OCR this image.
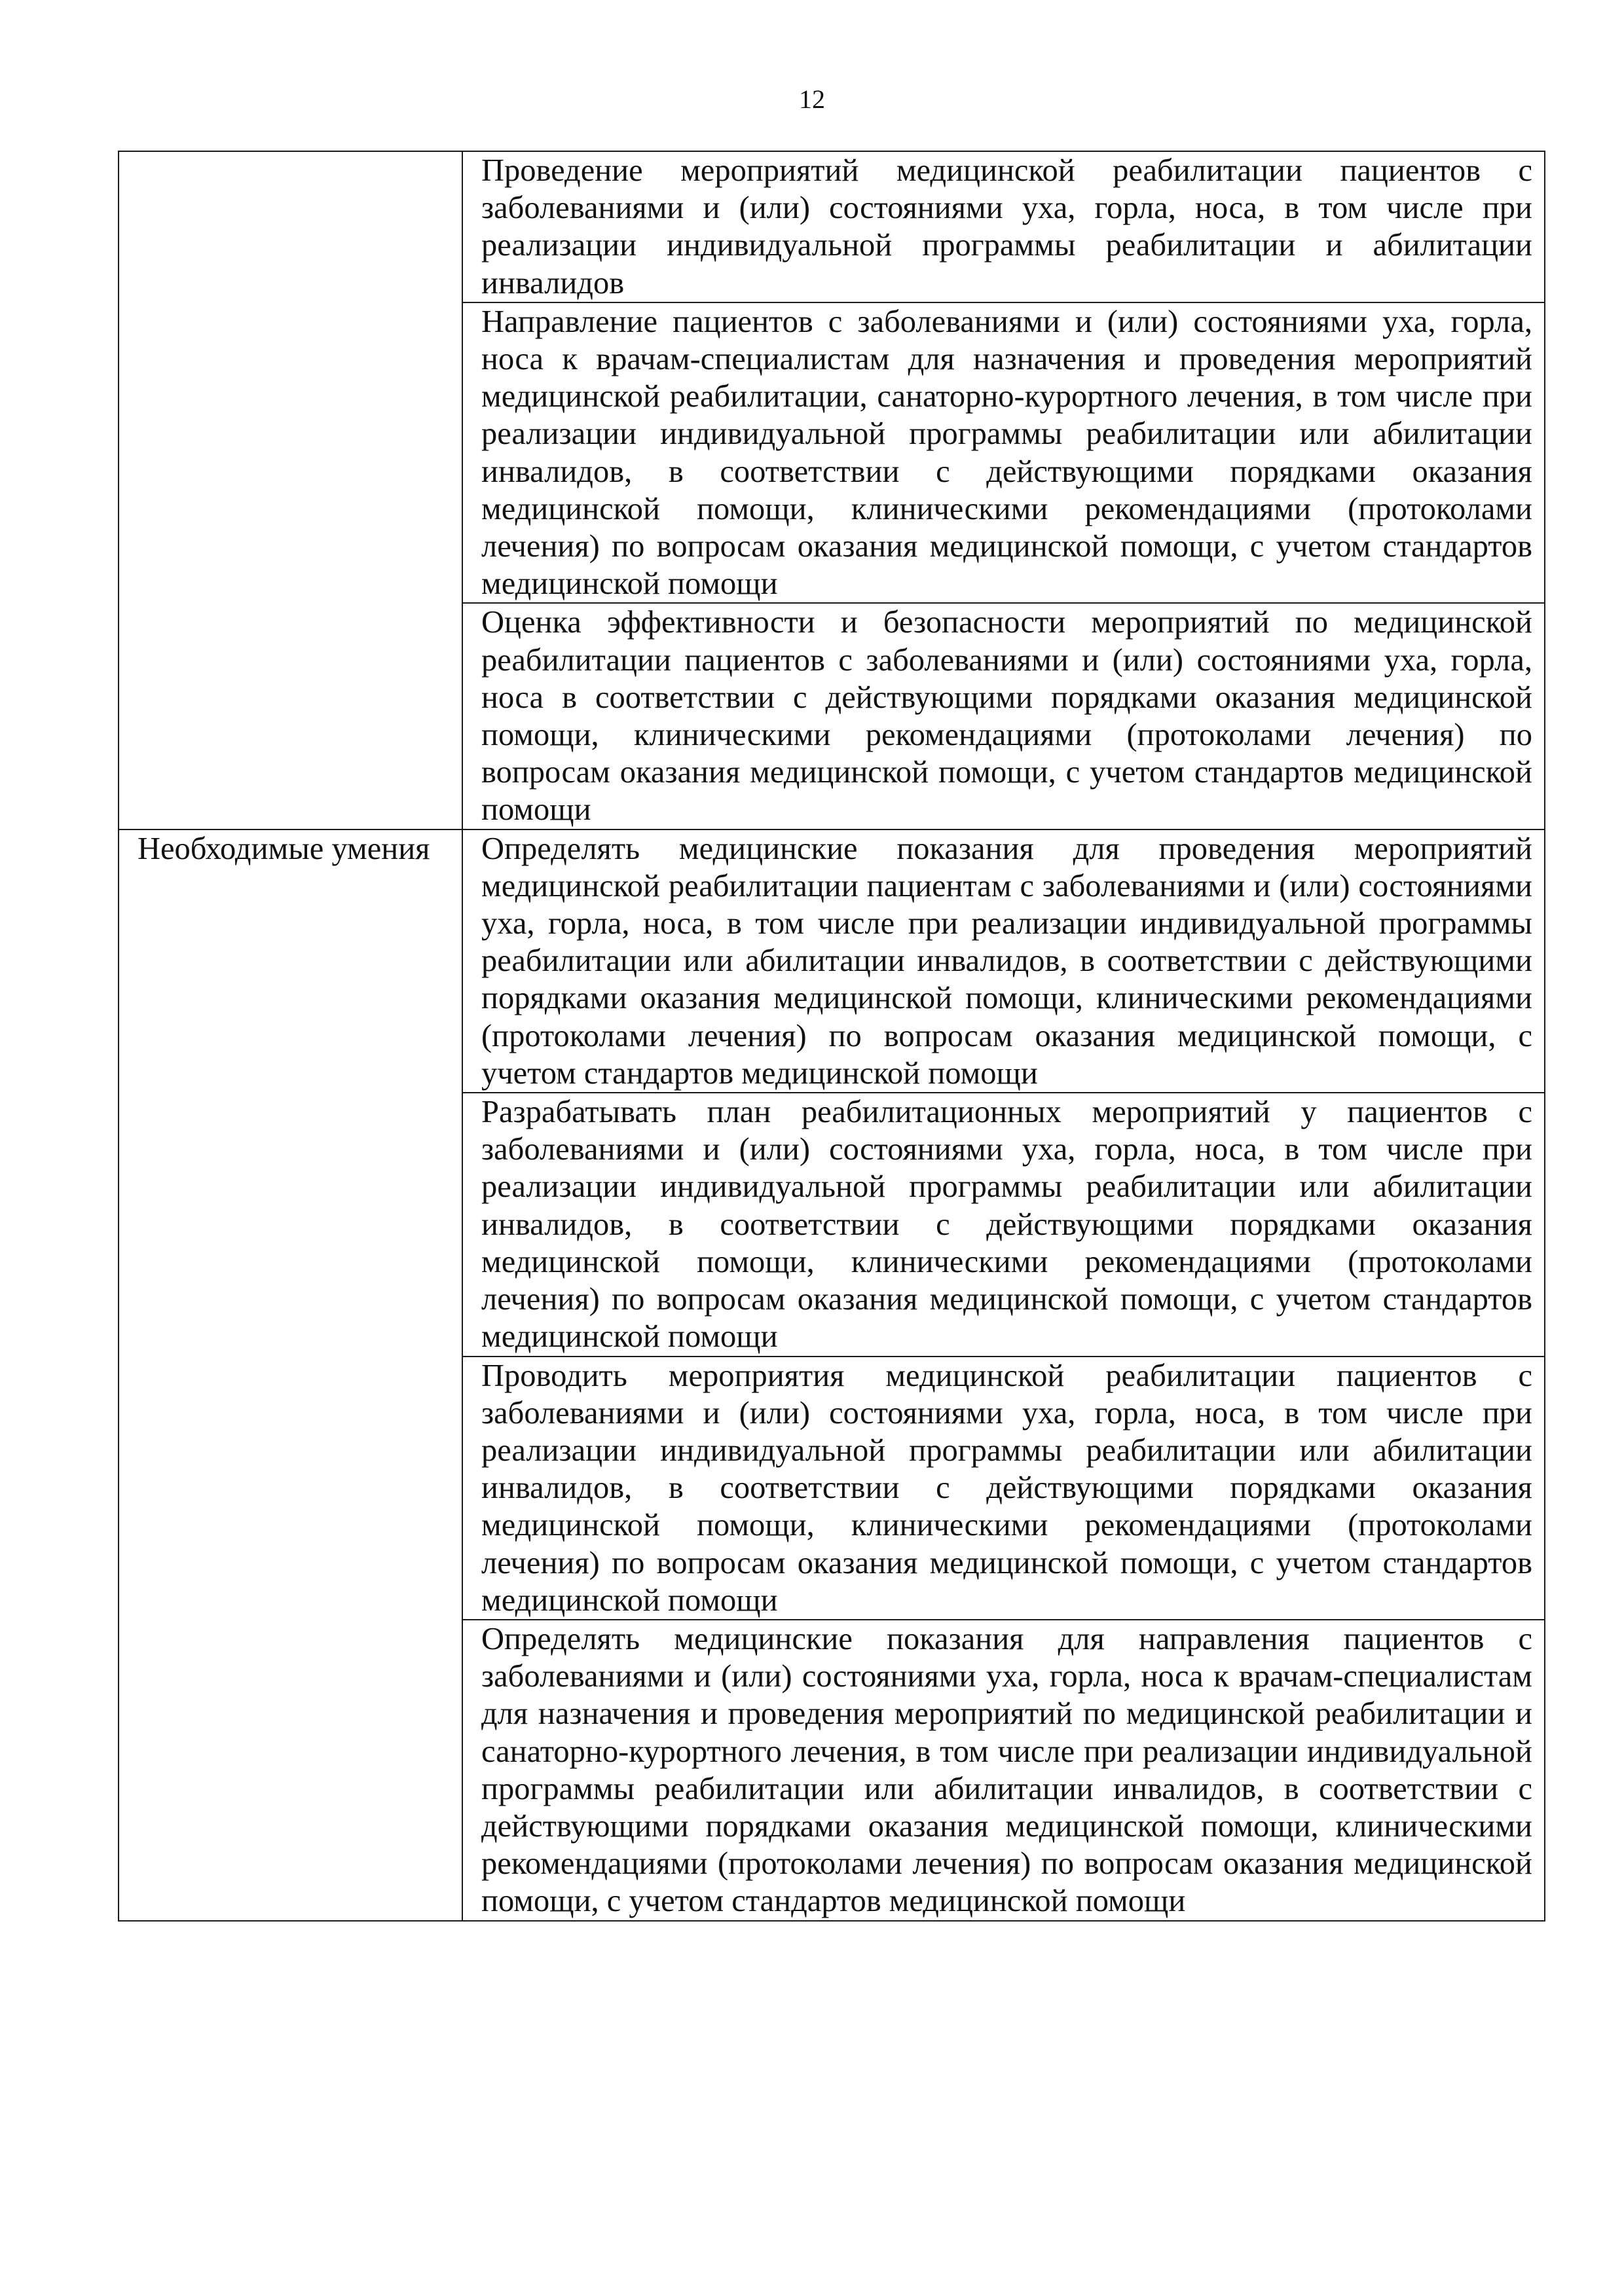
12
	Проведение мероприятий медицинской реабилитации пациентов с заболеваниями и (или) состояниями уха, горла, носа, в том числе при реализации индивидуальной программы реабилитации и абилитации инвалидов
	Направление пациентов с заболеваниями и (или) состояниями уха, горла, носа к врачам-специалистам для назначения и проведения мероприятий медицинской реабилитации, санаторно-курортного лечения, в том числе при реализации индивидуальной программы реабилитации или абилитации инвалидов, в соответствии с действующими порядками оказания медицинской помощи, клиническими рекомендациями (протоколами лечения) по вопросам оказания медицинской помощи, с учетом стандартов медицинской помощи
	Оценка эффективности и безопасности мероприятий по медицинской реабилитации пациентов с заболеваниями и (или) состояниями уха, горла, носа в соответствии с действующими порядками оказания медицинской помощи, клиническими рекомендациями (протоколами лечения) по вопросам оказания медицинской помощи, с учетом стандартов медицинской помощи
Необходимые умения	Определять медицинские показания для проведения мероприятий медицинской реабилитации пациентам с заболеваниями и (или) состояниями уха, горла, носа, в том числе при реализации индивидуальной программы реабилитации или абилитации инвалидов, в соответствии с действующими порядками оказания медицинской помощи, клиническими рекомендациями (протоколами лечения) по вопросам оказания медицинской помощи, с учетом стандартов медицинской помощи
	Разрабатывать план реабилитационных мероприятий у пациентов с заболеваниями и (или) состояниями уха, горла, носа, в том числе при реализации индивидуальной программы реабилитации или абилитации инвалидов, в соответствии с действующими порядками оказания медицинской помощи, клиническими рекомендациями (протоколами лечения) по вопросам оказания медицинской помощи, с учетом стандартов медицинской помощи
	Проводить мероприятия медицинской реабилитации пациентов с заболеваниями и (или) состояниями уха, горла, носа, в том числе при реализации индивидуальной программы реабилитации или абилитации инвалидов, в соответствии с действующими порядками оказания медицинской помощи, клиническими рекомендациями (протоколами лечения) по вопросам оказания медицинской помощи, с учетом стандартов медицинской помощи
	Определять медицинские показания для направления пациентов с заболеваниями и (или) состояниями уха, горла, носа к врачам-специалистам для назначения и проведения мероприятий по медицинской реабилитации и санаторно-курортного лечения, в том числе при реализации индивидуальной программы реабилитации или абилитации инвалидов, в соответствии с действующими порядками оказания медицинской помощи, клиническими рекомендациями (протоколами лечения) по вопросам оказания медицинской помощи, с учетом стандартов медицинской помощи
